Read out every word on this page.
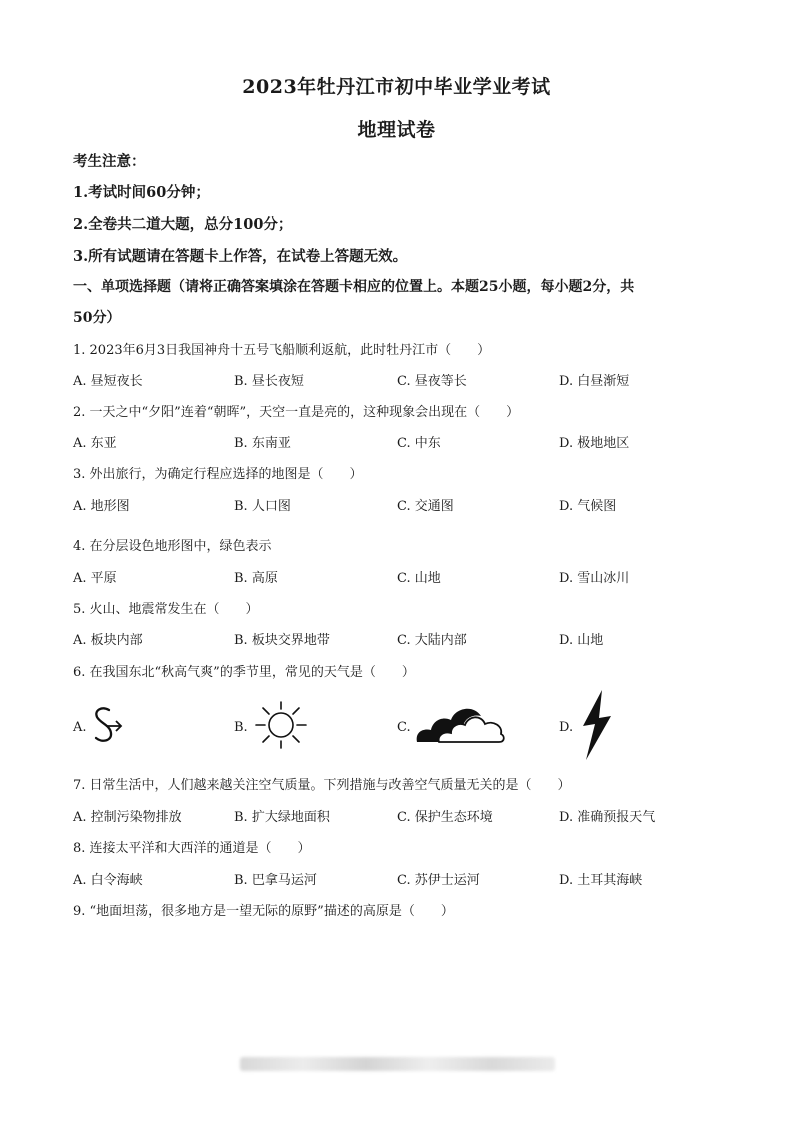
2023年牡丹江市初中毕业学业考试
地理试卷
考生注意：
1.考试时间60分钟；
2.全卷共二道大题，总分100分；
3.所有试题请在答题卡上作答，在试卷上答题无效。
一、单项选择题（请将正确答案填涂在答题卡相应的位置上。本题25小题，每小题2分，共
50分）
1. 2023年6月3日我国神舟十五号飞船顺利返航，此时牡丹江市（　　）
A. 昼短夜长	B. 昼长夜短	C. 昼夜等长	D. 白昼渐短
2. 一天之中“夕阳”连着“朝晖”，天空一直是亮的，这种现象会出现在（　　）
A. 东亚	B. 东南亚	C. 中东	D. 极地地区
3. 外出旅行，为确定行程应选择的地图是（　　）
A. 地形图	B. 人口图	C. 交通图	D. 气候图
4. 在分层设色地形图中，绿色表示
A. 平原	B. 高原	C. 山地	D. 雪山冰川
5. 火山、地震常发生在（　　）
A. 板块内部	B. 板块交界地带	C. 大陆内部	D. 山地
6. 在我国东北“秋高气爽”的季节里，常见的天气是（　　）
A.	B.	C.	D.
7. 日常生活中，人们越来越关注空气质量。下列措施与改善空气质量无关的是（　　）
A. 控制污染物排放	B. 扩大绿地面积	C. 保护生态环境	D. 准确预报天气
8. 连接太平洋和大西洋的通道是（　　）
A. 白令海峡	B. 巴拿马运河	C. 苏伊士运河	D. 土耳其海峡
9. “地面坦荡，很多地方是一望无际的原野”描述的高原是（　　）
